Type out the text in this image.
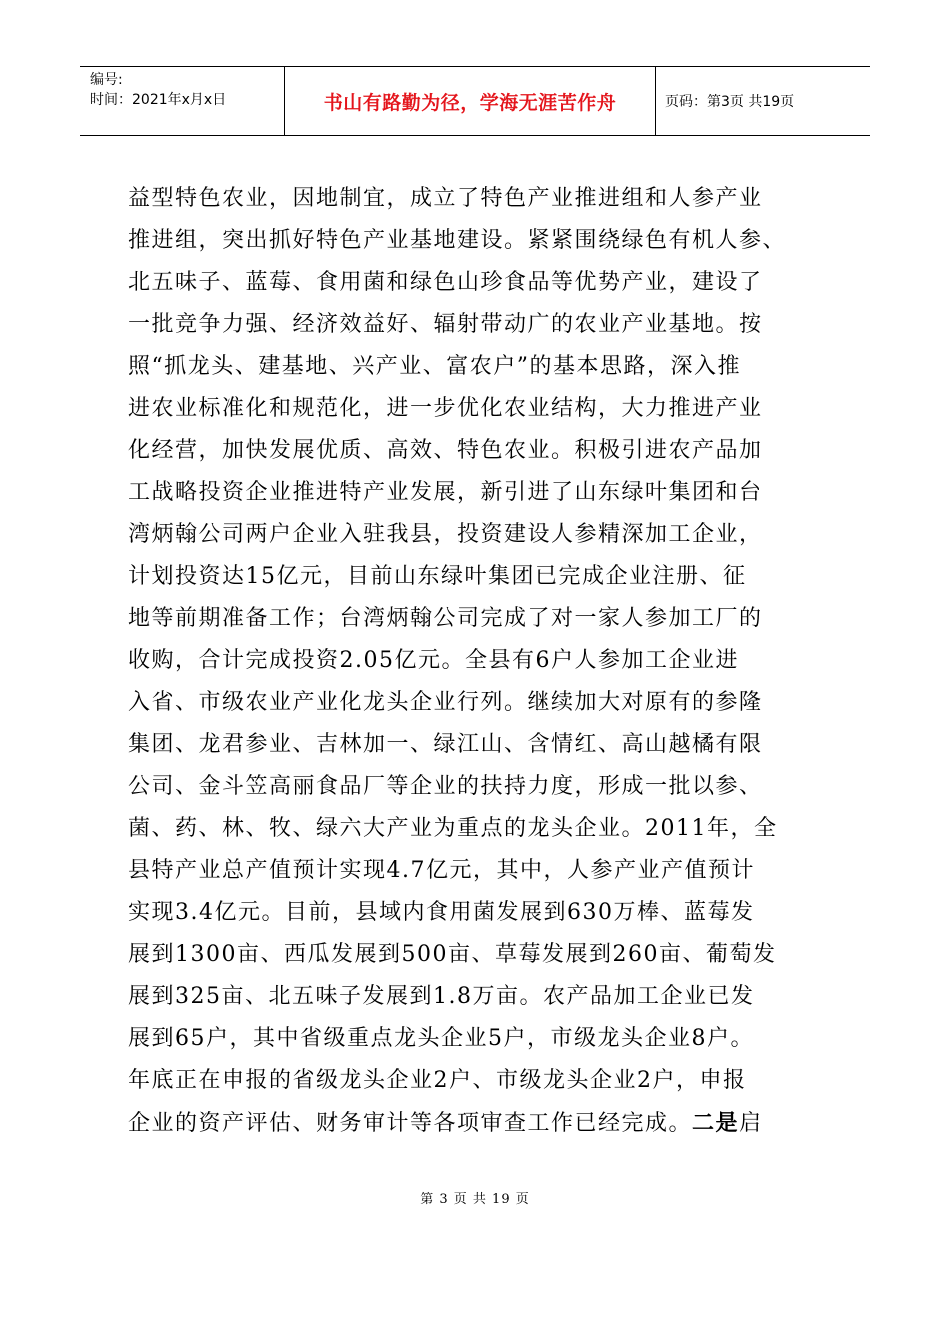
编号:
时间：2021年x月x日	书山有路勤为径，学海无涯苦作舟	页码：第3页 共19页
益型特色农业，因地制宜，成立了特色产业推进组和人参产业
推进组，突出抓好特色产业基地建设。紧紧围绕绿色有机人参、
北五味子、蓝莓、食用菌和绿色山珍食品等优势产业，建设了
一批竞争力强、经济效益好、辐射带动广的农业产业基地。按
照“抓龙头、建基地、兴产业、富农户”的基本思路，深入推
进农业标准化和规范化，进一步优化农业结构，大力推进产业
化经营，加快发展优质、高效、特色农业。积极引进农产品加
工战略投资企业推进特产业发展，新引进了山东绿叶集团和台
湾炳翰公司两户企业入驻我县，投资建设人参精深加工企业，
计划投资达15亿元，目前山东绿叶集团已完成企业注册、征
地等前期准备工作；台湾炳翰公司完成了对一家人参加工厂的
收购，合计完成投资2.05亿元。全县有6户人参加工企业进
入省、市级农业产业化龙头企业行列。继续加大对原有的参隆
集团、龙君参业、吉林加一、绿江山、含情红、高山越橘有限
公司、金斗笠高丽食品厂等企业的扶持力度，形成一批以参、
菌、药、林、牧、绿六大产业为重点的龙头企业。2011年，全
县特产业总产值预计实现4.7亿元，其中，人参产业产值预计
实现3.4亿元。目前，县域内食用菌发展到630万棒、蓝莓发
展到1300亩、西瓜发展到500亩、草莓发展到260亩、葡萄发
展到325亩、北五味子发展到1.8万亩。农产品加工企业已发
展到65户，其中省级重点龙头企业5户，市级龙头企业8户。
年底正在申报的省级龙头企业2户、市级龙头企业2户，申报
企业的资产评估、财务审计等各项审查工作已经完成。二是启
第 3 页 共 19 页
